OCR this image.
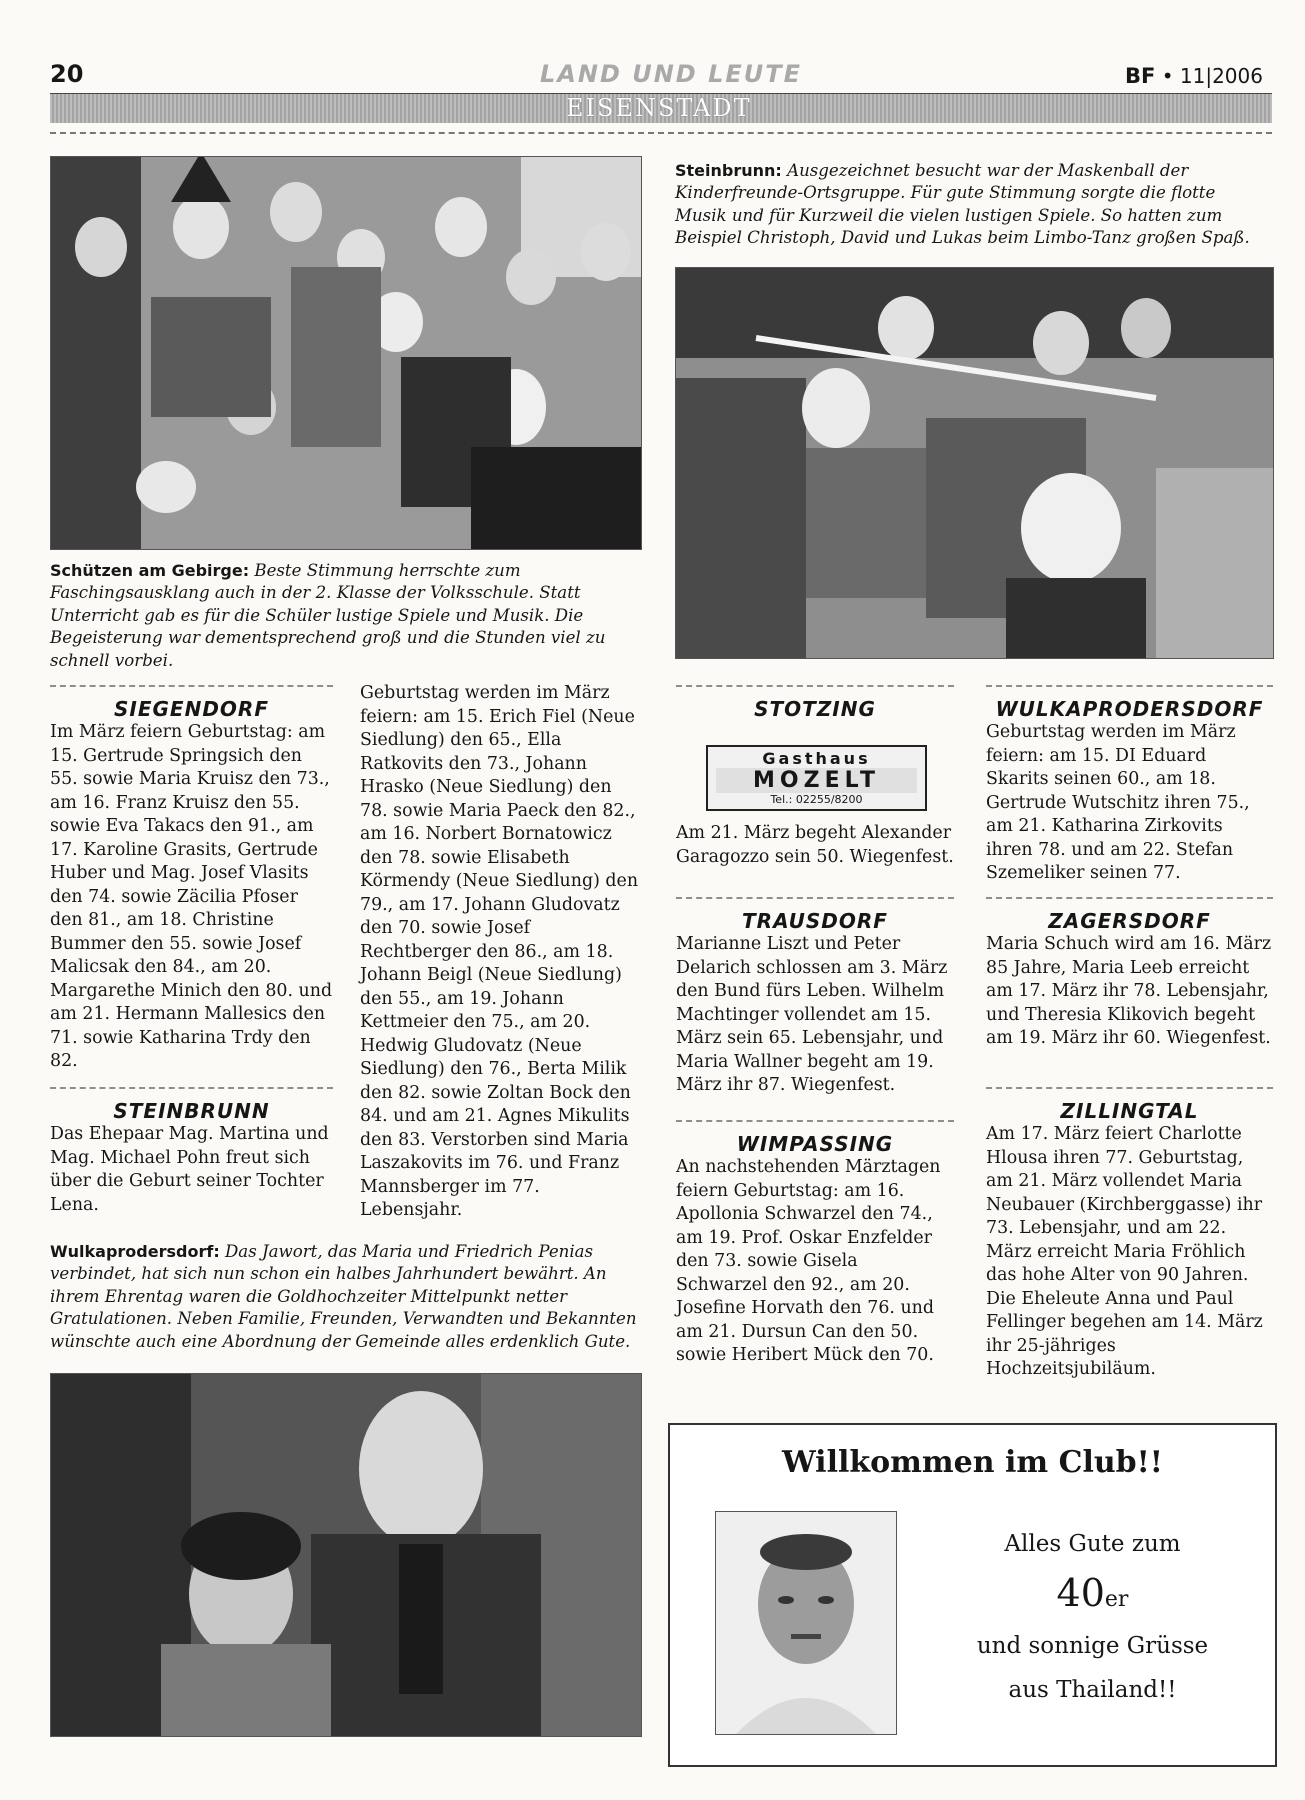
20	LAND UND LEUTE	BF • 11|2006
EISENSTADT
Schützen am Gebirge: Beste Stimmung herrschte zum Faschingsausklang auch in der 2. Klasse der Volksschule. Statt Unterricht gab es für die Schüler lustige Spiele und Musik. Die Begeisterung war dementsprechend groß und die Stunden viel zu schnell vorbei.
Steinbrunn: Ausgezeichnet besucht war der Maskenball der Kinderfreunde-Ortsgruppe. Für gute Stimmung sorgte die flotte Musik und für Kurzweil die vielen lustigen Spiele. So hatten zum Beispiel Christoph, David und Lukas beim Limbo-Tanz großen Spaß.
SIEGENDORF
Im März feiern Geburtstag: am 15. Gertrude Springsich den 55. sowie Maria Kruisz den 73., am 16. Franz Kruisz den 55. sowie Eva Takacs den 91., am 17. Karoline Grasits, Gertrude Huber und Mag. Josef Vlasits den 74. sowie Zäcilia Pfoser den 81., am 18. Christine Bummer den 55. sowie Josef Malicsak den 84., am 20. Margarethe Minich den 80. und am 21. Hermann Mallesics den 71. sowie Katharina Trdy den 82.
STEINBRUNN
Das Ehepaar Mag. Martina und Mag. Michael Pohn freut sich über die Geburt seiner Tochter Lena.
Geburtstag werden im März feiern: am 15. Erich Fiel (Neue Siedlung) den 65., Ella Ratkovits den 73., Johann Hrasko (Neue Siedlung) den 78. sowie Maria Paeck den 82., am 16. Norbert Bornatowicz den 78. sowie Elisabeth Körmendy (Neue Siedlung) den 79., am 17. Johann Gludovatz den 70. sowie Josef Rechtberger den 86., am 18. Johann Beigl (Neue Siedlung) den 55., am 19. Johann Kettmeier den 75., am 20. Hedwig Gludovatz (Neue Siedlung) den 76., Berta Milik den 82. sowie Zoltan Bock den 84. und am 21. Agnes Mikulits den 83. Verstorben sind Maria Laszakovits im 76. und Franz Mannsberger im 77. Lebensjahr.
Wulkaprodersdorf: Das Jawort, das Maria und Friedrich Penias verbindet, hat sich nun schon ein halbes Jahrhundert bewährt. An ihrem Ehrentag waren die Goldhochzeiter Mittelpunkt netter Gratulationen. Neben Familie, Freunden, Verwandten und Bekannten wünschte auch eine Abordnung der Gemeinde alles erdenklich Gute.
STOTZING
Gasthaus
MOZELT
Tel.: 02255/8200
Am 21. März begeht Alexander Garagozzo sein 50. Wiegenfest.
TRAUSDORF
Marianne Liszt und Peter Delarich schlossen am 3. März den Bund fürs Leben. Wilhelm Machtinger vollendet am 15. März sein 65. Lebensjahr, und Maria Wallner begeht am 19. März ihr 87. Wiegenfest.
WIMPASSING
An nachstehenden Märztagen feiern Geburtstag: am 16. Apollonia Schwarzel den 74., am 19. Prof. Oskar Enzfelder den 73. sowie Gisela Schwarzel den 92., am 20. Josefine Horvath den 76. und am 21. Dursun Can den 50. sowie Heribert Mück den 70.
WULKAPRODERSDORF
Geburtstag werden im März feiern: am 15. DI Eduard Skarits seinen 60., am 18. Gertrude Wutschitz ihren 75., am 21. Katharina Zirkovits ihren 78. und am 22. Stefan Szemeliker seinen 77.
ZAGERSDORF
Maria Schuch wird am 16. März 85 Jahre, Maria Leeb erreicht am 17. März ihr 78. Lebensjahr, und Theresia Klikovich begeht am 19. März ihr 60. Wiegenfest.
ZILLINGTAL
Am 17. März feiert Charlotte Hlousa ihren 77. Geburtstag, am 21. März vollendet Maria Neubauer (Kirchberggasse) ihr 73. Lebensjahr, und am 22. März erreicht Maria Fröhlich das hohe Alter von 90 Jahren. Die Eheleute Anna und Paul Fellinger begehen am 14. März ihr 25-jähriges Hochzeitsjubiläum.
Willkommen im Club!!
Alles Gute zum
40er
und sonnige Grüsse
aus Thailand!!
